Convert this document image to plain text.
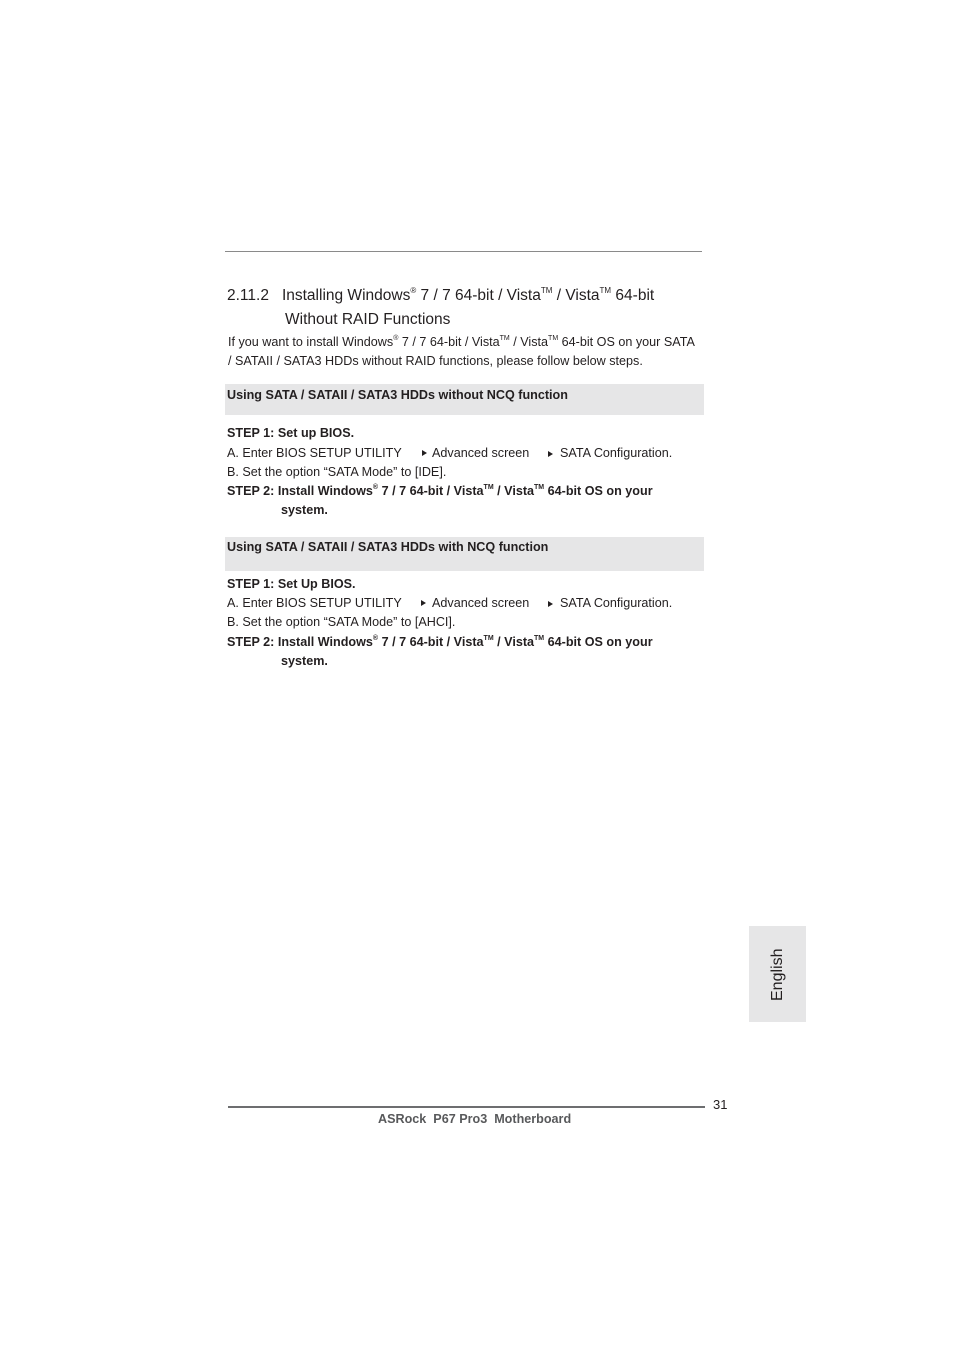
2.11.2 Installing Windows® 7 / 7 64-bit / Vista™ / Vista™ 64-bit
Without RAID Functions
If you want to install Windows® 7 / 7 64-bit / Vista™ / Vista™ 64-bit OS on your SATA
/ SATAII / SATA3 HDDs without RAID functions, please follow below steps.
Using SATA / SATAII / SATA3 HDDs without NCQ function
STEP 1: Set up BIOS.
A. Enter BIOS SETUP UTILITY Advanced screen SATA Configuration.
B. Set the option “SATA Mode” to [IDE].
STEP 2: Install Windows® 7 / 7 64-bit / Vista™ / Vista™ 64-bit OS on your
system.
Using SATA / SATAII / SATA3 HDDs with NCQ function
STEP 1: Set Up BIOS.
A. Enter BIOS SETUP UTILITY Advanced screen SATA Configuration.
B. Set the option “SATA Mode” to [AHCI].
STEP 2: Install Windows® 7 / 7 64-bit / Vista™ / Vista™ 64-bit OS on your
system.
English
31
ASRock  P67 Pro3  Motherboard
